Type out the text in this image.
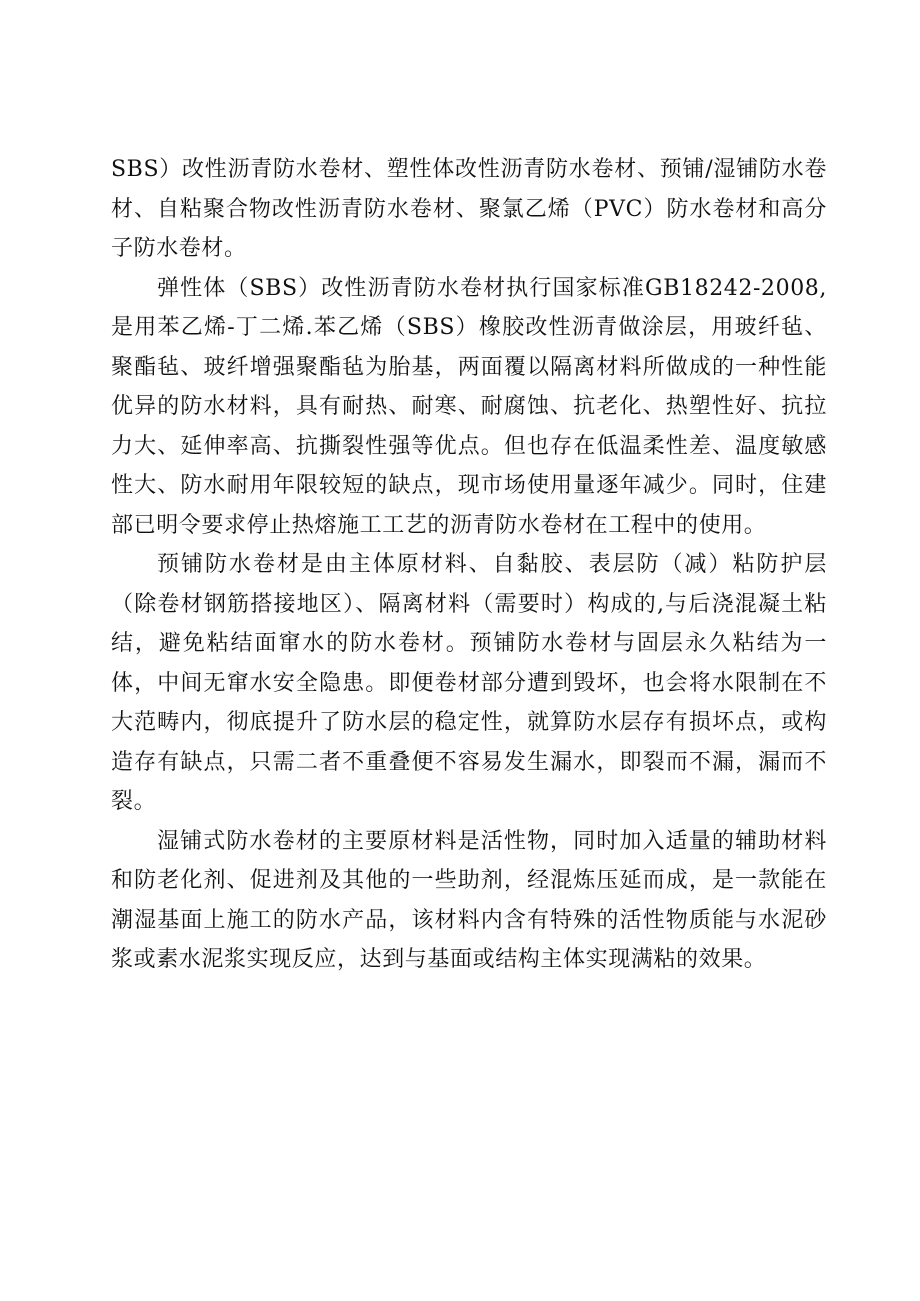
SBS）改性沥青防水卷材、塑性体改性沥青防水卷材、预铺/湿铺防水卷材、自粘聚合物改性沥青防水卷材、聚氯乙烯（PVC）防水卷材和高分子防水卷材。

弹性体（SBS）改性沥青防水卷材执行国家标准GB18242-2008,是用苯乙烯-丁二烯.苯乙烯（SBS）橡胶改性沥青做涂层，用玻纤毡、聚酯毡、玻纤增强聚酯毡为胎基，两面覆以隔离材料所做成的一种性能优异的防水材料，具有耐热、耐寒、耐腐蚀、抗老化、热塑性好、抗拉力大、延伸率高、抗撕裂性强等优点。但也存在低温柔性差、温度敏感性大、防水耐用年限较短的缺点，现市场使用量逐年减少。同时，住建部已明令要求停止热熔施工工艺的沥青防水卷材在工程中的使用。

预铺防水卷材是由主体原材料、自黏胶、表层防（减）粘防护层（除卷材钢筋搭接地区）、隔离材料（需要时）构成的,与后浇混凝土粘结，避免粘结面窜水的防水卷材。预铺防水卷材与固层永久粘结为一体，中间无窜水安全隐患。即便卷材部分遭到毁坏，也会将水限制在不大范畴内，彻底提升了防水层的稳定性，就算防水层存有损坏点，或构造存有缺点，只需二者不重叠便不容易发生漏水，即裂而不漏，漏而不裂。

湿铺式防水卷材的主要原材料是活性物，同时加入适量的辅助材料和防老化剂、促进剂及其他的一些助剂，经混炼压延而成，是一款能在潮湿基面上施工的防水产品，该材料内含有特殊的活性物质能与水泥砂浆或素水泥浆实现反应，达到与基面或结构主体实现满粘的效果。
